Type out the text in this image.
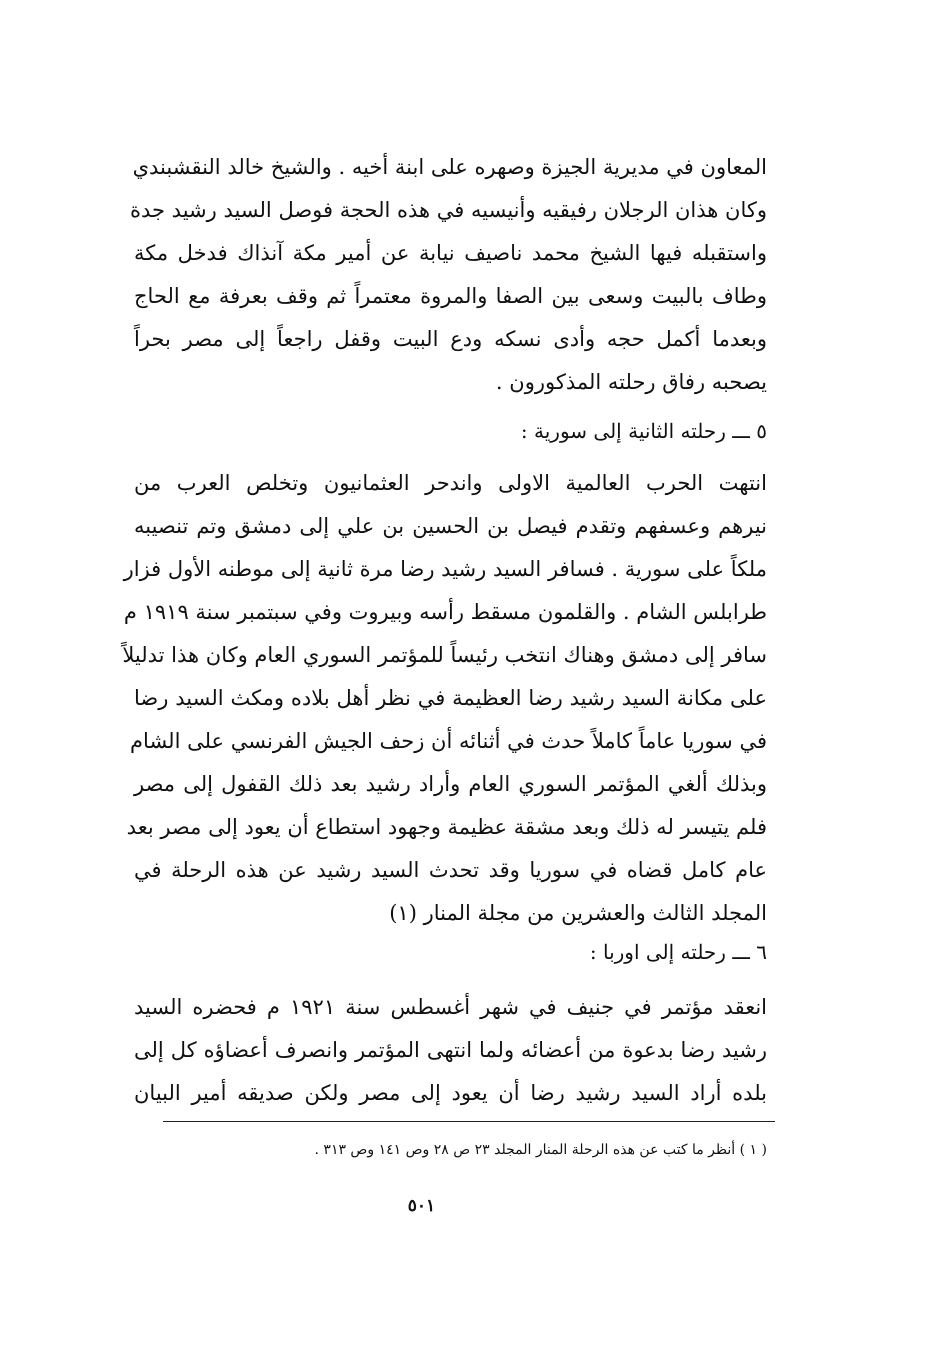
المعاون في مديرية الجيزة وصهره على ابنة أخيه . والشيخ خالد النقشبندي
وكان هذان الرجلان رفيقيه وأنيسيه في هذه الحجة فوصل السيد رشيد جدة
واستقبله فيها الشيخ محمد ناصيف نيابة عن أمير مكة آنذاك فدخل مكة
وطاف بالبيت وسعى بين الصفا والمروة معتمراً ثم وقف بعرفة مع الحاج
وبعدما أكمل حجه وأدى نسكه ودع البيت وقفل راجعاً إلى مصر بحراً
يصحبه رفاق رحلته المذكورون .
٥ ـــ رحلته الثانية إلى سورية :
انتهت الحرب العالمية الاولى واندحر العثمانيون وتخلص العرب من
نيرهم وعسفهم وتقدم فيصل بن الحسين بن علي إلى دمشق وتم تنصيبه
ملكاً على سورية . فسافر السيد رشيد رضا مرة ثانية إلى موطنه الأول فزار
طرابلس الشام . والقلمون مسقط رأسه وبيروت وفي سبتمبر سنة ١٩١٩ م
سافر إلى دمشق وهناك انتخب رئيساً للمؤتمر السوري العام وكان هذا تدليلاً
على مكانة السيد رشيد رضا العظيمة في نظر أهل بلاده ومكث السيد رضا
في سوريا عاماً كاملاً حدث في أثنائه أن زحف الجيش الفرنسي على الشام
وبذلك ألغي المؤتمر السوري العام وأراد رشيد بعد ذلك القفول إلى مصر
فلم يتيسر له ذلك وبعد مشقة عظيمة وجهود استطاع أن يعود إلى مصر بعد
عام كامل قضاه في سوريا وقد تحدث السيد رشيد عن هذه الرحلة في
المجلد الثالث والعشرين من مجلة المنار (١)
٦ ـــ رحلته إلى اوربا :
انعقد مؤتمر في جنيف في شهر أغسطس سنة ١٩٢١ م فحضره السيد
رشيد رضا بدعوة من أعضائه ولما انتهى المؤتمر وانصرف أعضاؤه كل إلى
بلده أراد السيد رشيد رضا أن يعود إلى مصر ولكن صديقه أمير البيان
( ١ ) أنظر ما كتب عن هذه الرحلة المنار المجلد ٢٣ ص ٢٨ وص ١٤١ وص ٣١٣ .
٥٠١
